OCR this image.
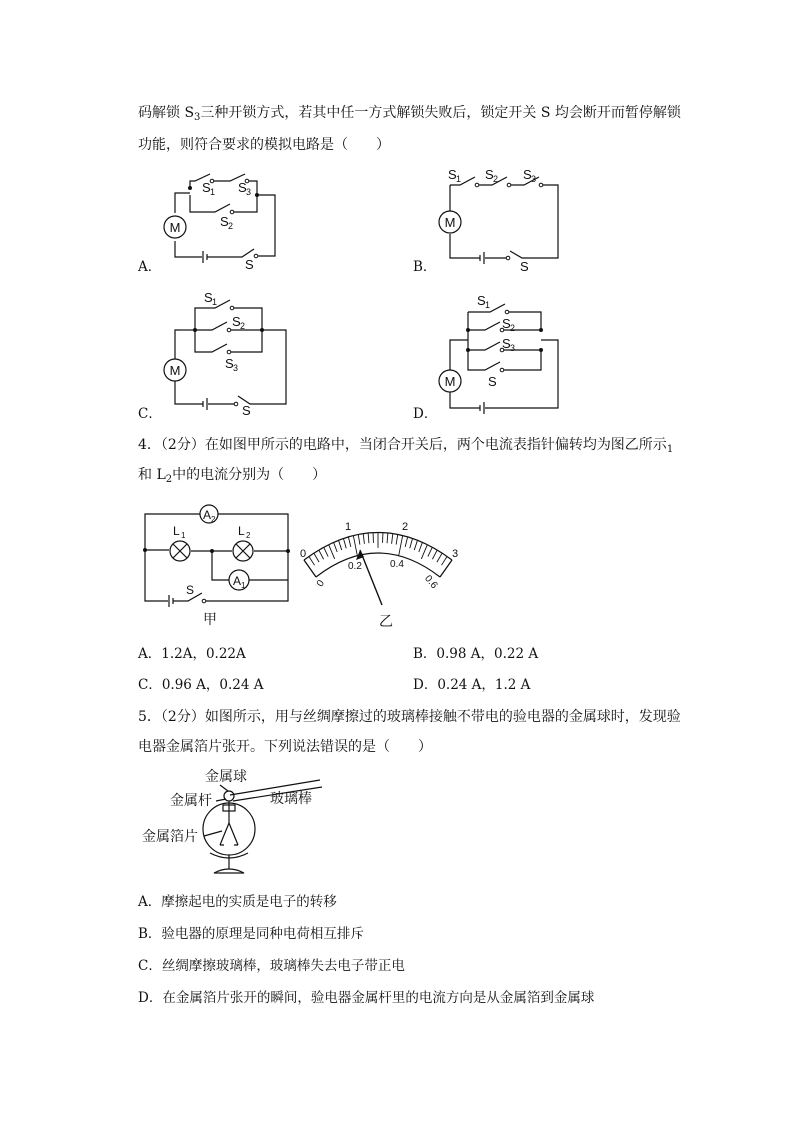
码解锁 $S_3$三种开锁方式，若其中任一方式解锁失败后，锁定开关 S 均会断开而暂停解锁
功能，则符合要求的模拟电路是（　　）
M
S 1 S 3
S 2
S
A．
M
S 1 S 2 S 3
S
B．
M
S 1
S 2
S 3
S
C．
M
S 1
S 2
S 3
S
D．
4．（2分）在如图甲所示的电路中，当闭合开关后，两个电流表指针偏转均为图乙所示$_1$
和 $L_2$中的电流分别为（　　）
A 2
A 1
L 1	L 2
S
甲
0
1	2
3
0
0.2	0.4
0.6
乙
A．1.2A，0.22A	B．0.98 A，0.22 A
C．0.96 A，0.24 A	D．0.24 A，1.2 A
5．（2分）如图所示，用与丝绸摩擦过的玻璃棒接触不带电的验电器的金属球时，发现验
电器金属箔片张开。下列说法错误的是（　　）
金属球
金属杆	玻璃棒
金属箔片
A．摩擦起电的实质是电子的转移
B．验电器的原理是同种电荷相互排斥
C．丝绸摩擦玻璃棒，玻璃棒失去电子带正电
D．在金属箔片张开的瞬间，验电器金属杆里的电流方向是从金属箔到金属球
